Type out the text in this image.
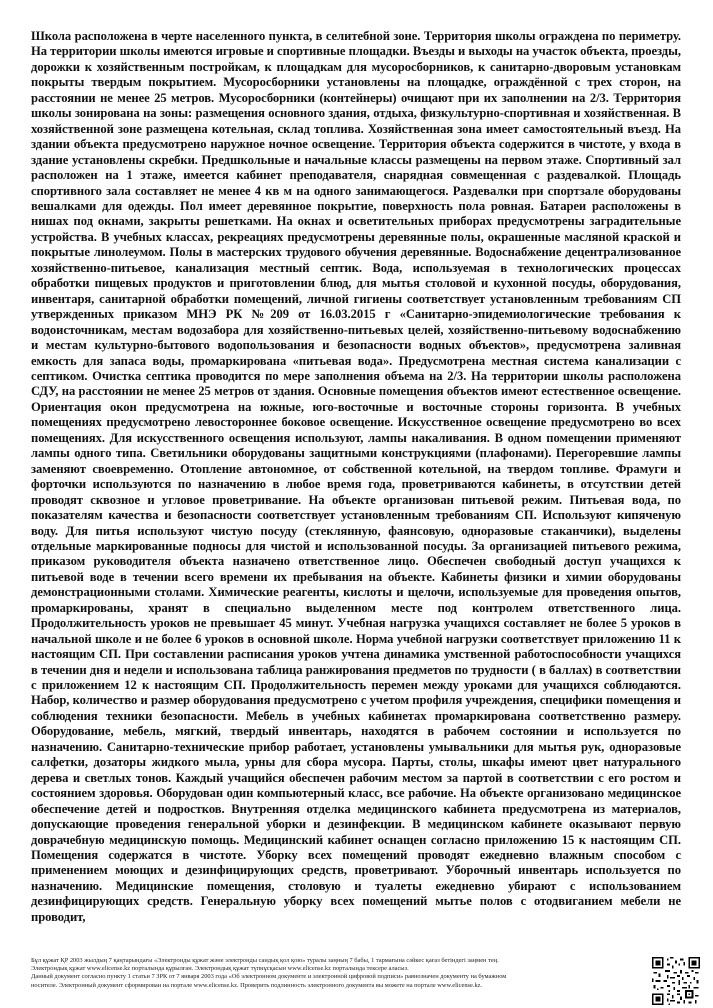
Школа расположена в черте населенного пункта, в селитебной зоне. Территория школы ограждена по периметру. На территории школы имеются игровые и спортивные площадки. Въезды и выходы на участок объекта, проезды, дорожки к хозяйственным постройкам, к площадкам для мусоросборников, к санитарно-дворовым установкам покрыты твердым покрытием. Мусоросборники установлены на площадке, ограждённой с трех сторон, на расстоянии не менее 25 метров. Мусоросборники (контейнеры) очищают при их заполнении на 2/3. Территория школы зонирована на зоны: размещения основного здания, отдыха, физкультурно-спортивная и хозяйственная. В хозяйственной зоне размещена котельная, склад топлива. Хозяйственная зона имеет самостоятельный въезд. На здании объекта предусмотрено наружное ночное освещение. Территория объекта содержится в чистоте, у входа в здание установлены скребки. Предшкольные и начальные классы размещены на первом этаже. Спортивный зал расположен на 1 этаже, имеется кабинет преподавателя, снарядная совмещенная с раздевалкой. Площадь спортивного зала составляет не менее 4 кв м на одного занимающегося. Раздевалки при спортзале оборудованы вешалками для одежды. Пол имеет деревянное покрытие, поверхность пола ровная. Батареи расположены в нишах под окнами, закрыты решетками. На окнах и осветительных приборах предусмотрены заградительные устройства. В учебных классах, рекреациях предусмотрены деревянные полы, окрашенные масляной краской и покрытые линолеумом. Полы в мастерских трудового обучения деревянные. Водоснабжение децентрализованное хозяйственно-питьевое, канализация местный септик. Вода, используемая в технологических процессах обработки пищевых продуктов и приготовлении блюд, для мытья столовой и кухонной посуды, оборудования, инвентаря, санитарной обработки помещений, личной гигиены соответствует установленным требованиям СП утвержденных приказом МНЭ РК №209 от 16.03.2015 г «Санитарно-эпидемиологические требования к водоисточникам, местам водозабора для хозяйственно-питьевых целей, хозяйственно-питьевому водоснабжению и местам культурно-бытового водопользования и безопасности водных объектов», предусмотрена заливная емкость для запаса воды, промаркирована «питьевая вода». Предусмотрена местная система канализации с септиком. Очистка септика проводится по мере заполнения объема на 2/3. На территории школы расположена СДУ, на расстоянии не менее 25 метров от здания. Основные помещения объектов имеют естественное освещение. Ориентация окон предусмотрена на южные, юго-восточные и восточные стороны горизонта. В учебных помещениях предусмотрено левостороннее боковое освещение. Искусственное освещение предусмотрено во всех помещениях. Для искусственного освещения используют, лампы накаливания. В одном помещении применяют лампы одного типа. Светильники оборудованы защитными конструкциями (плафонами). Перегоревшие лампы заменяют своевременно. Отопление автономное, от собственной котельной, на твердом топливе. Фрамуги и форточки используются по назначению в любое время года, проветриваются кабинеты, в отсутствии детей проводят сквозное и угловое проветривание. На объекте организован питьевой режим. Питьевая вода, по показателям качества и безопасности соответствует установленным требованиям СП. Используют кипяченую воду. Для питья используют чистую посуду (стеклянную, фаянсовую, одноразовые стаканчики), выделены отдельные маркированные подносы для чистой и использованной посуды. За организацией питьевого режима, приказом руководителя объекта назначено ответственное лицо. Обеспечен свободный доступ учащихся к питьевой воде в течении всего времени их пребывания на объекте. Кабинеты физики и химии оборудованы демонстрационными столами. Химические реагенты, кислоты и щелочи, используемые для проведения опытов, промаркированы, хранят в специально выделенном месте под контролем ответственного лица. Продолжительность уроков не превышает 45 минут. Учебная нагрузка учащихся составляет не более 5 уроков в начальной школе и не более 6 уроков в основной школе. Норма учебной нагрузки соответствует приложению 11 к настоящим СП. При составлении расписания уроков учтена динамика умственной работоспособности учащихся в течении дня и недели и использована таблица ранжирования предметов по трудности ( в баллах) в соответствии с приложением 12 к настоящим СП. Продолжительность перемен между уроками для учащихся соблюдаются. Набор, количество и размер оборудования предусмотрено с учетом профиля учреждения, специфики помещения и соблюдения техники безопасности. Мебель в учебных кабинетах промаркирована соответственно размеру. Оборудование, мебель, мягкий, твердый инвентарь, находятся в рабочем состоянии и используется по назначению. Санитарно-технические прибор работает, установлены умывальники для мытья рук, одноразовые салфетки, дозаторы жидкого мыла, урны для сбора мусора. Парты, столы, шкафы имеют цвет натурального дерева и светлых тонов. Каждый учащийся обеспечен рабочим местом за партой в соответствии с его ростом и состоянием здоровья. Оборудован один компьютерный класс, все рабочие. На объекте организовано медицинское обеспечение детей и подростков. Внутренняя отделка медицинского кабинета предусмотрена из материалов, допускающие проведения генеральной уборки и дезинфекции. В медицинском кабинете оказывают первую доврачебную медицинскую помощь. Медицинский кабинет оснащен согласно приложению 15 к настоящим СП. Помещения содержатся в чистоте. Уборку всех помещений проводят ежедневно влажным способом с применением моющих и дезинфицирующих средств, проветривают. Уборочный инвентарь используется по назначению. Медицинские помещения, столовую и туалеты ежедневно убирают с использованием дезинфицирующих средств. Генеральную уборку всех помещений мытье полов с отодвиганием мебели не проводит,

Бұл құжат ҚР 2003 жылдың 7 қаңтарындағы «Электронды құжат және электронды сандық қол қою» туралы заңның 7 бабы, 1 тармағына сәйкес қағаз бетіндегі заңмен тең.
Электрондық құжат www.elicense.kz порталында құрылған. Электрондық құжат түпнұсқасын www.elicense.kz порталында тексере аласыз.
Данный документ согласно пункту 1 статьи 7 ЗРК от 7 января 2003 года «Об электронном документе и электронной цифровой подписи» равнозначен документу на бумажном
носителе. Электронный документ сформирован на портале www.elicense.kz. Проверить подлинность электронного документа вы можете на портале www.elicense.kz.
